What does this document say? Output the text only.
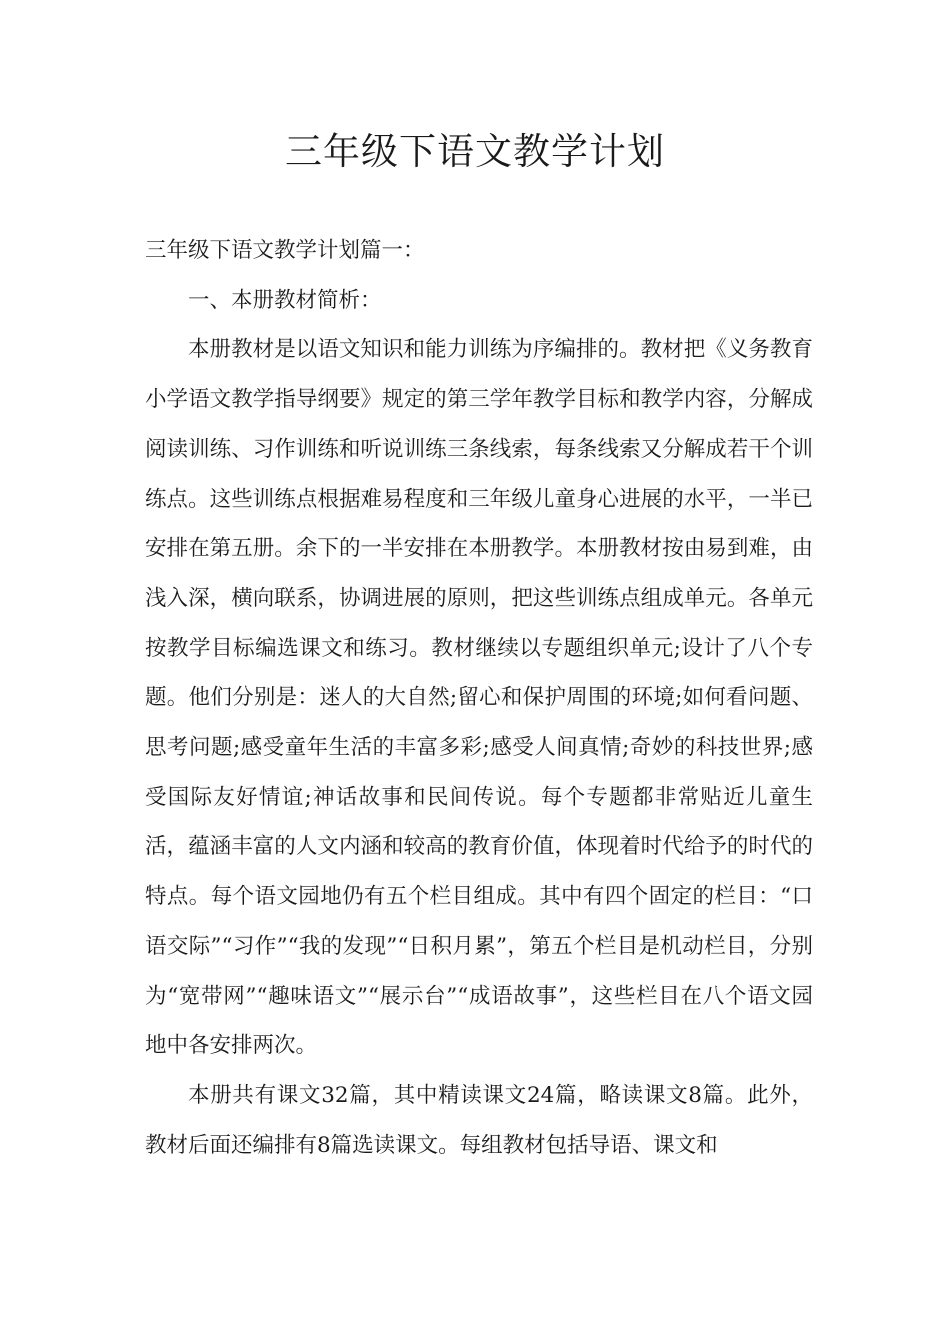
三年级下语文教学计划

三年级下语文教学计划篇一：

一、本册教材简析：

本册教材是以语文知识和能力训练为序编排的。教材把《义务教育小学语文教学指导纲要》规定的第三学年教学目标和教学内容，分解成阅读训练、习作训练和听说训练三条线索，每条线索又分解成若干个训练点。这些训练点根据难易程度和三年级儿童身心进展的水平，一半已安排在第五册。余下的一半安排在本册教学。本册教材按由易到难，由浅入深，横向联系，协调进展的原则，把这些训练点组成单元。各单元按教学目标编选课文和练习。教材继续以专题组织单元;设计了八个专题。他们分别是：迷人的大自然;留心和保护周围的环境;如何看问题、思考问题;感受童年生活的丰富多彩;感受人间真情;奇妙的科技世界;感受国际友好情谊;神话故事和民间传说。每个专题都非常贴近儿童生活，蕴涵丰富的人文内涵和较高的教育价值，体现着时代给予的时代的特点。每个语文园地仍有五个栏目组成。其中有四个固定的栏目：“口语交际”“习作”“我的发现”“日积月累”，第五个栏目是机动栏目，分别为“宽带网”“趣味语文”“展示台”“成语故事”，这些栏目在八个语文园地中各安排两次。

本册共有课文32篇，其中精读课文24篇，略读课文8篇。此外，教材后面还编排有8篇选读课文。每组教材包括导语、课文和
